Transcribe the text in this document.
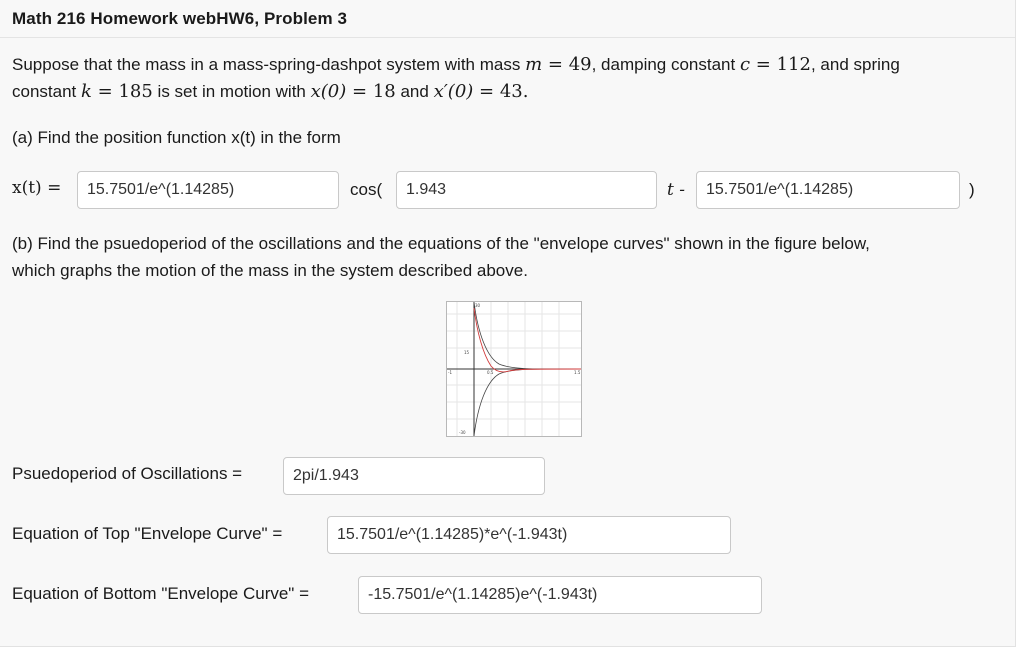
Math 216 Homework webHW6, Problem 3
Suppose that the mass in a mass-spring-dashpot system with mass m = 49, damping constant c = 112, and spring
constant k = 185 is set in motion with x(0) = 18 and x′(0) = 43.
(a) Find the position function x(t) in the form
x(t) =	15.7501/e^(1.14285)	cos(	1.943	t -	15.7501/e^(1.14285)	)
(b) Find the psuedoperiod of the oscillations and the equations of the "envelope curves" shown in the figure below,
which graphs the motion of the mass in the system described above.
30
15
-1	0.5	1.5
-30
Psuedoperiod of Oscillations =	2pi/1.943
Equation of Top "Envelope Curve" =	15.7501/e^(1.14285)*e^(-1.943t)
Equation of Bottom "Envelope Curve" =	-15.7501/e^(1.14285)e^(-1.943t)
